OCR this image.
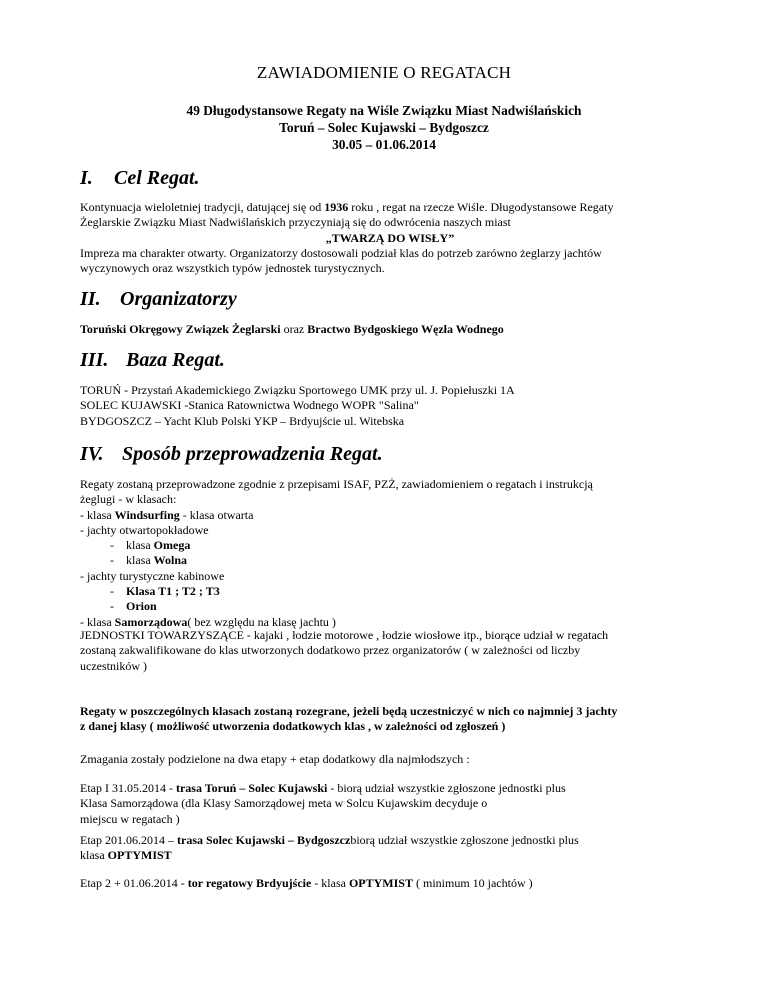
ZAWIADOMIENIE O REGATACH
49 Długodystansowe Regaty na Wiśle Związku Miast Nadwiślańskich
Toruń – Solec Kujawski – Bydgoszcz
30.05 – 01.06.2014
I. Cel Regat.
Kontynuacja wieloletniej tradycji, datującej się od 1936 roku , regat na rzecze Wiśle. Długodystansowe Regaty
Żeglarskie Związku Miast Nadwiślańskich przyczyniają się do odwrócenia naszych miast
„TWARZĄ DO WISŁY”
Impreza ma charakter otwarty. Organizatorzy dostosowali podział klas do potrzeb zarówno żeglarzy jachtów
wyczynowych oraz wszystkich typów jednostek turystycznych.
II. Organizatorzy
Toruński Okręgowy Związek Żeglarski oraz Bractwo Bydgoskiego Węzła Wodnego
III. Baza Regat.
TORUŃ - Przystań Akademickiego Związku Sportowego UMK przy ul. J. Popiełuszki 1A
SOLEC KUJAWSKI -Stanica Ratownictwa Wodnego WOPR "Salina"
BYDGOSZCZ – Yacht Klub Polski YKP – Brdyujście ul. Witebska
IV. Sposób przeprowadzenia Regat.
Regaty zostaną przeprowadzone zgodnie z przepisami ISAF, PZŻ, zawiadomieniem o regatach i instrukcją
żeglugi - w klasach:
- klasa Windsurfing - klasa otwarta
- jachty otwartopokładowe
- klasa Omega
- klasa Wolna
- jachty turystyczne kabinowe
- Klasa T1 ; T2 ; T3
- Orion
- klasa Samorządowa( bez względu na klasę jachtu )
JEDNOSTKI TOWARZYSZĄCE - kajaki , łodzie motorowe , łodzie wiosłowe itp., biorące udział w regatach
zostaną zakwalifikowane do klas utworzonych dodatkowo przez organizatorów ( w zależności od liczby
uczestników )
Regaty w poszczególnych klasach zostaną rozegrane, jeżeli będą uczestniczyć w nich co najmniej 3 jachty
z danej klasy ( możliwość utworzenia dodatkowych klas , w zależności od zgłoszeń )
Zmagania zostały podzielone na dwa etapy + etap dodatkowy dla najmłodszych :
Etap I 31.05.2014 - trasa Toruń – Solec Kujawski - biorą udział wszystkie zgłoszone jednostki plus
Klasa Samorządowa (dla Klasy Samorządowej meta w Solcu Kujawskim decyduje o
miejscu w regatach )
Etap 201.06.2014 – trasa Solec Kujawski – Bydgoszczbiorą udział wszystkie zgłoszone jednostki plus
klasa OPTYMIST
Etap 2 + 01.06.2014 - tor regatowy Brdyujście - klasa OPTYMIST ( minimum 10 jachtów )
